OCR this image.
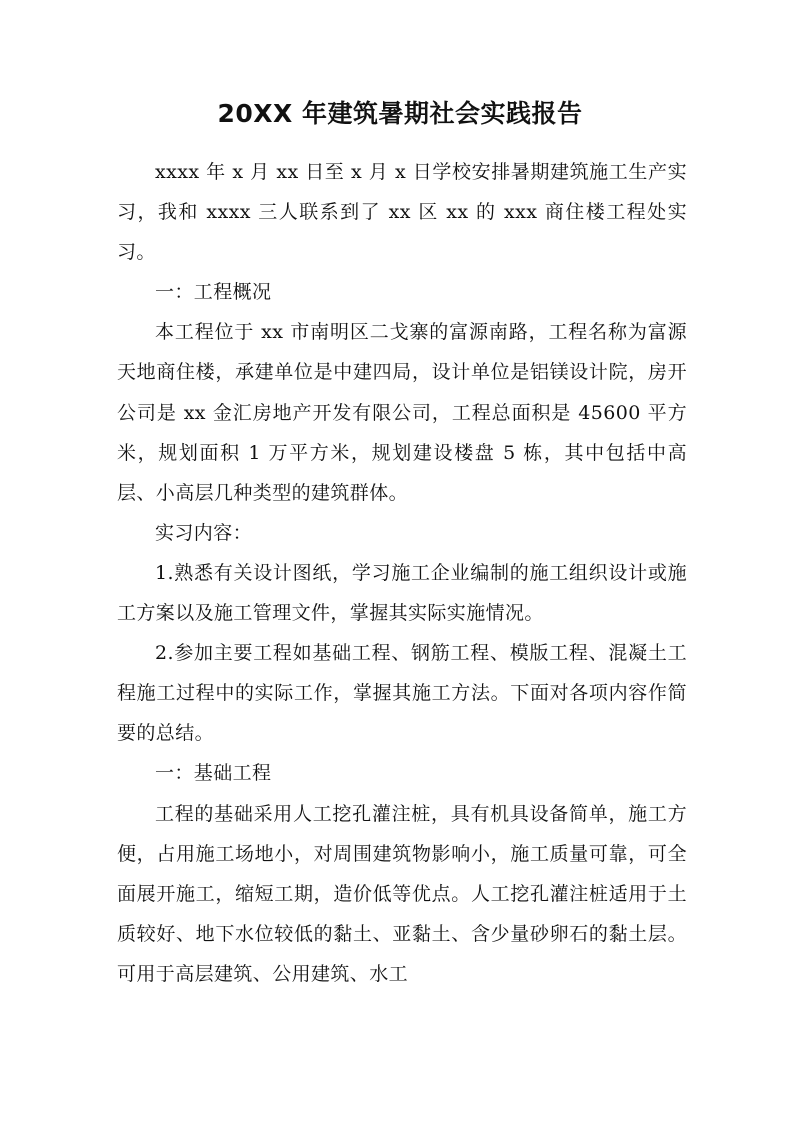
20XX 年建筑暑期社会实践报告

xxxx 年 x 月 xx 日至 x 月 x 日学校安排暑期建筑施工生产实习，我和 xxxx 三人联系到了 xx 区 xx 的 xxx 商住楼工程处实习。

一：工程概况

本工程位于 xx 市南明区二戈寨的富源南路，工程名称为富源天地商住楼，承建单位是中建四局，设计单位是铝镁设计院，房开公司是 xx 金汇房地产开发有限公司，工程总面积是 45600 平方米，规划面积 1 万平方米，规划建设楼盘 5 栋，其中包括中高层、小高层几种类型的建筑群体。

实习内容：

1.熟悉有关设计图纸，学习施工企业编制的施工组织设计或施工方案以及施工管理文件，掌握其实际实施情况。

2.参加主要工程如基础工程、钢筋工程、模版工程、混凝土工程施工过程中的实际工作，掌握其施工方法。下面对各项内容作简要的总结。

一：基础工程

工程的基础采用人工挖孔灌注桩，具有机具设备简单，施工方便，占用施工场地小，对周围建筑物影响小，施工质量可靠，可全面展开施工，缩短工期，造价低等优点。人工挖孔灌注桩适用于土质较好、地下水位较低的黏土、亚黏土、含少量砂卵石的黏土层。可用于高层建筑、公用建筑、水工
